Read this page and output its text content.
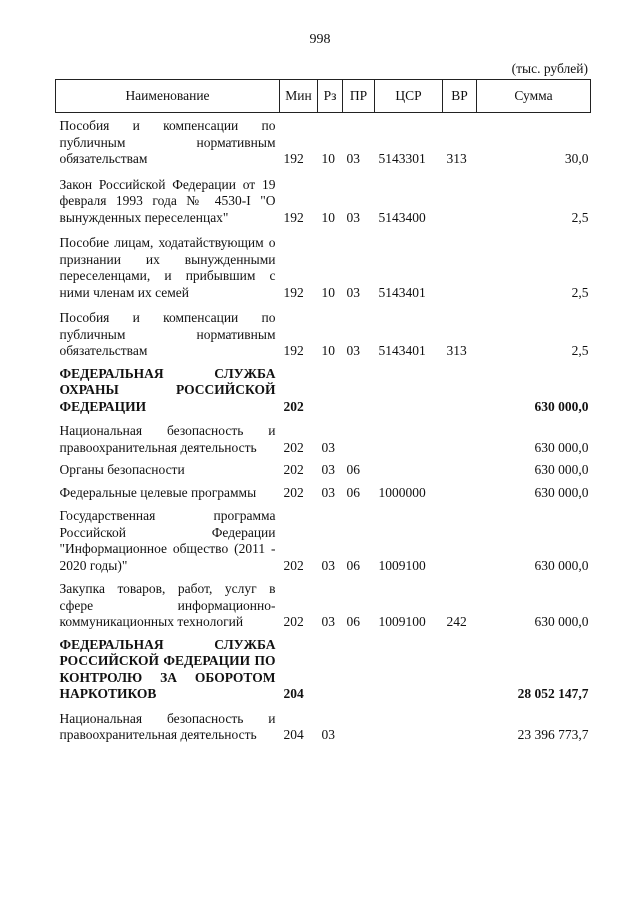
998
(тыс. рублей)
Наименование	Мин	Рз	ПР	ЦСР	ВР	Сумма

Пособия и компенсации по публичным нормативным обязательствам	192	10	03	5143301	313	30,0

Закон Российской Федерации от 19 февраля 1993 года № 4530-I "О вынужденных переселенцах"	192	10	03	5143400		2,5

Пособие лицам, ходатайствующим о признании их вынужденными переселенцами, и прибывшим с ними членам их семей	192	10	03	5143401		2,5

Пособия и компенсации по публичным нормативным обязательствам	192	10	03	5143401	313	2,5

ФЕДЕРАЛЬНАЯ СЛУЖБА ОХРАНЫ РОССИЙСКОЙ ФЕДЕРАЦИИ	202					630 000,0

Национальная безопасность и правоохранительная деятельность	202	03				630 000,0

Органы безопасности	202	03	06			630 000,0

Федеральные целевые программы	202	03	06	1000000		630 000,0

Государственная программа Российской Федерации "Информационное общество (2011 - 2020 годы)"	202	03	06	1009100		630 000,0

Закупка товаров, работ, услуг в сфере информационно-коммуникационных технологий	202	03	06	1009100	242	630 000,0

ФЕДЕРАЛЬНАЯ СЛУЖБА РОССИЙСКОЙ ФЕДЕРАЦИИ ПО КОНТРОЛЮ ЗА ОБОРОТОМ НАРКОТИКОВ	204					28 052 147,7

Национальная безопасность и правоохранительная деятельность	204	03				23 396 773,7
